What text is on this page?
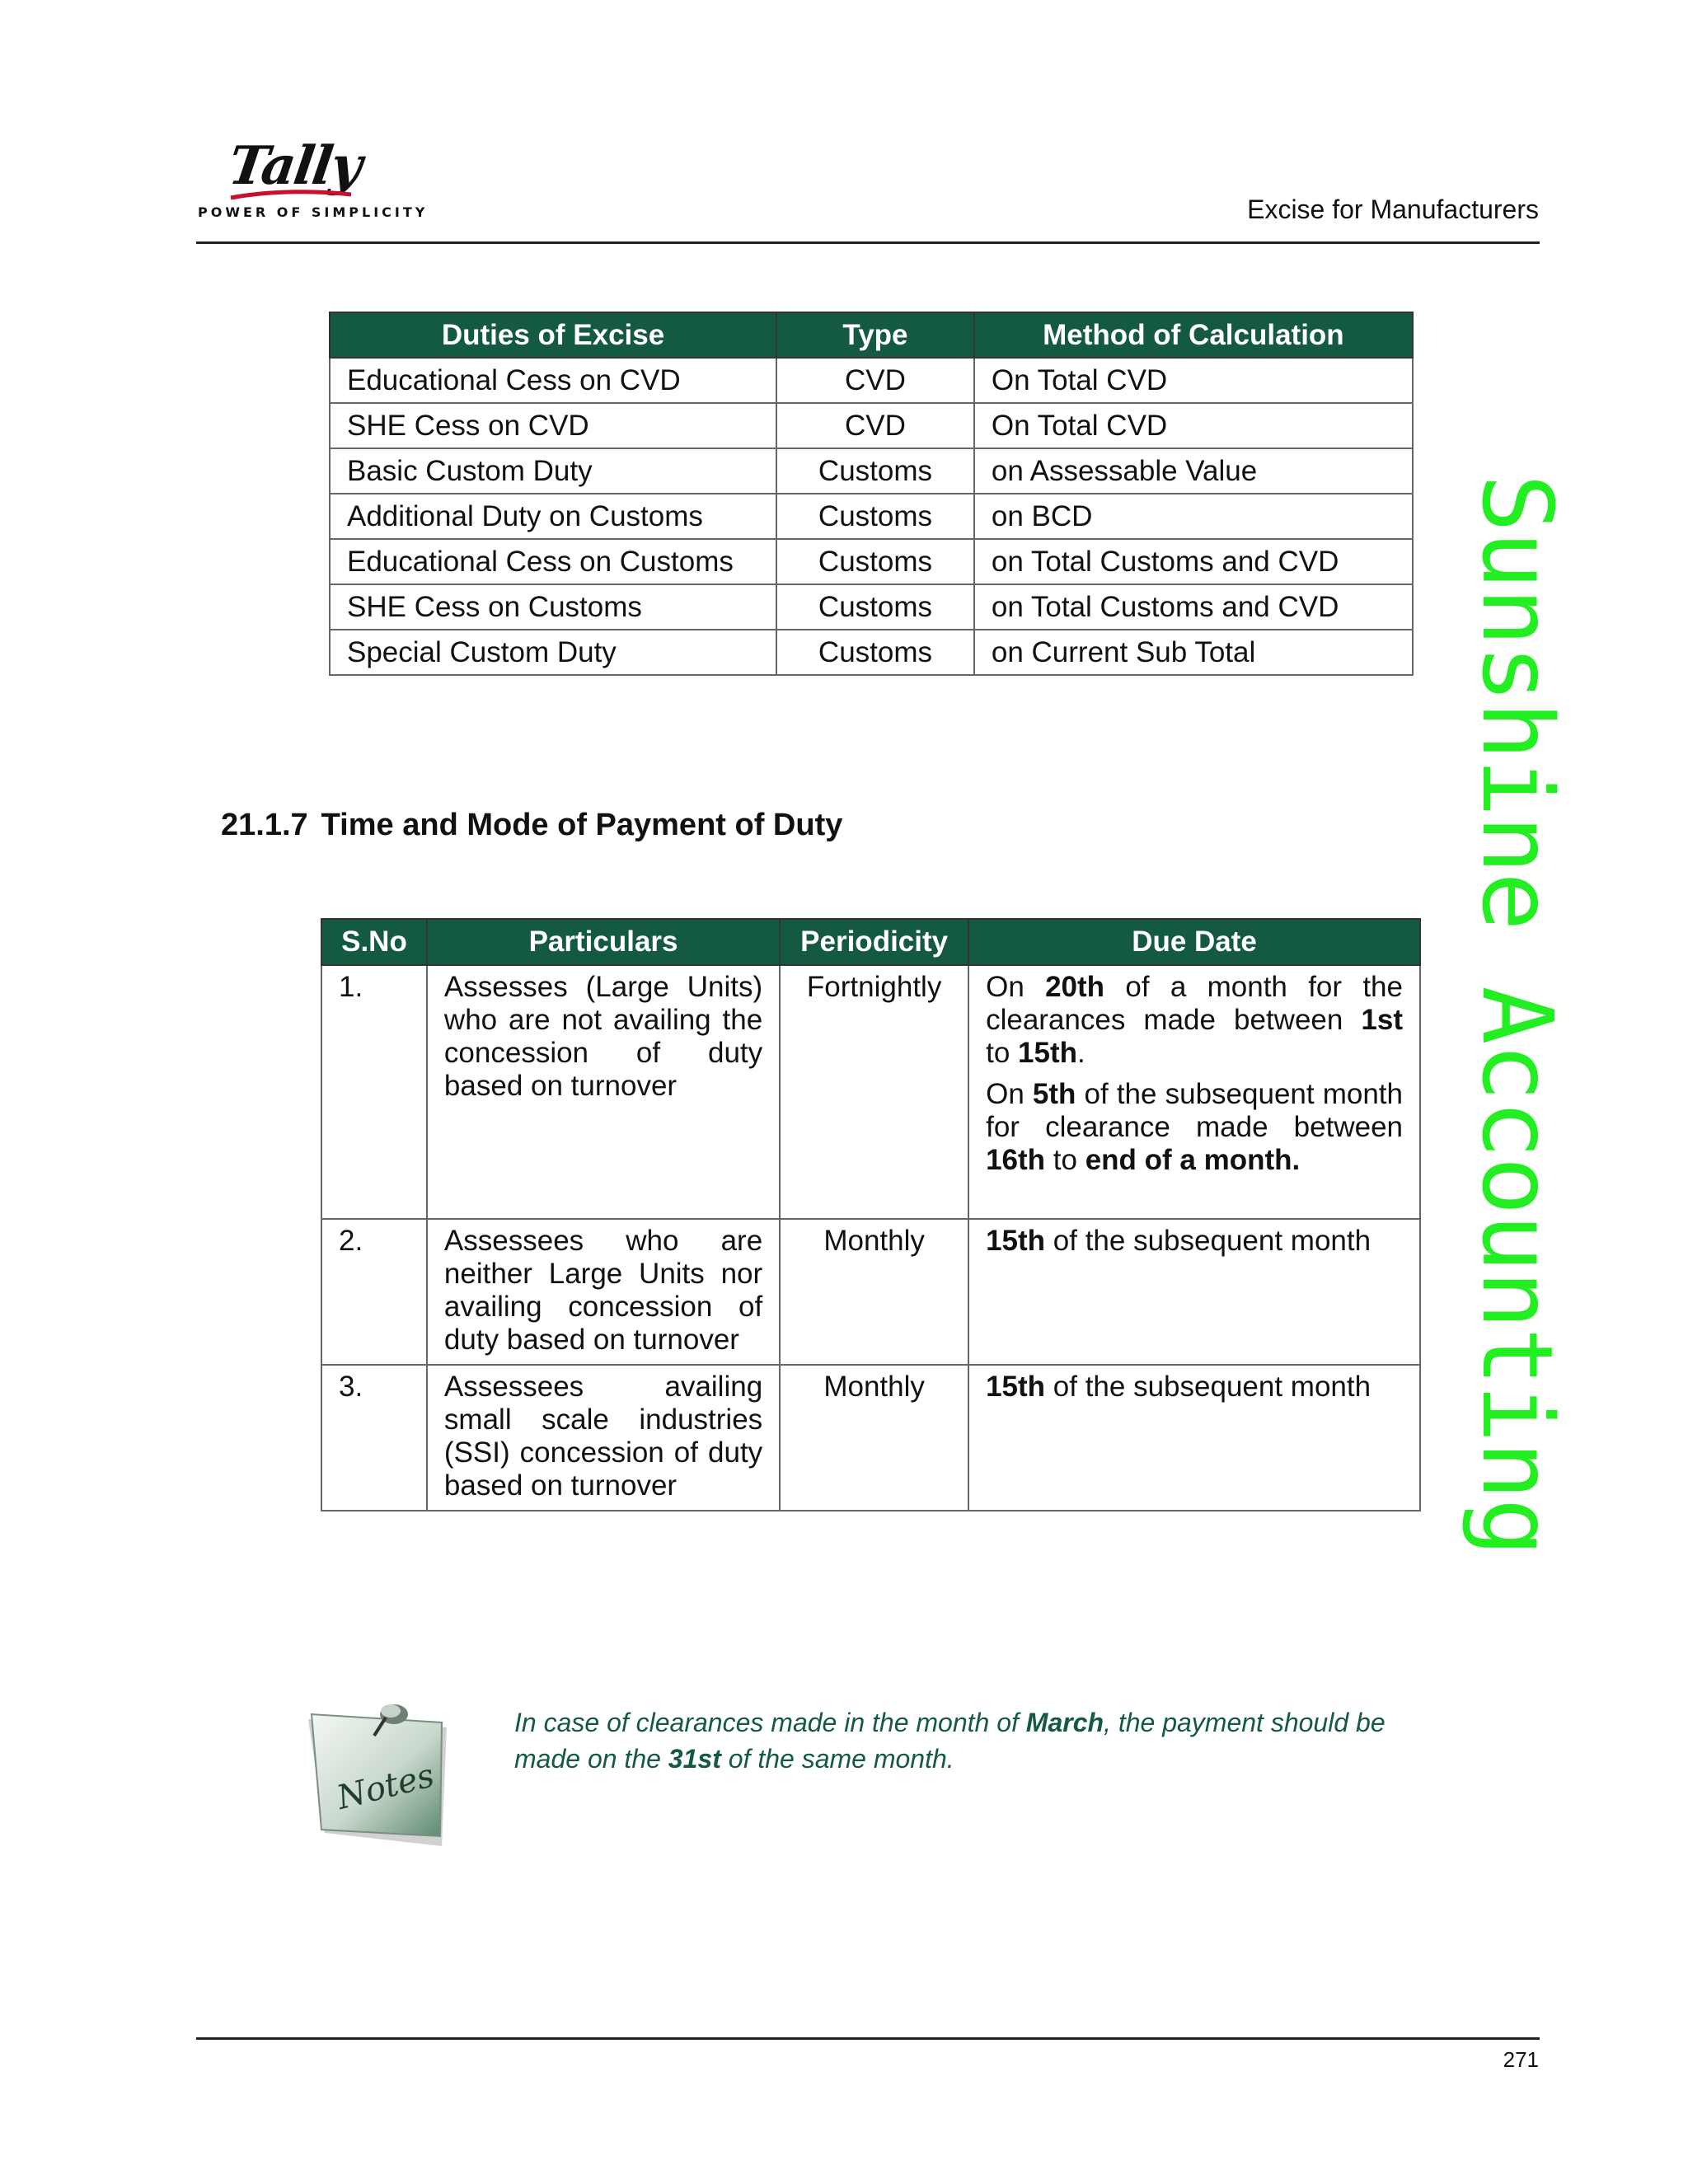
Tally
POWER OF SIMPLICITY	Excise for Manufacturers
Sunshine Accounting
Duties of Excise	Type	Method of Calculation
Educational Cess on CVD	CVD	On Total CVD
SHE Cess on CVD	CVD	On Total CVD
Basic Custom Duty	Customs	on Assessable Value
Additional Duty on Customs	Customs	on BCD
Educational Cess on Customs	Customs	on Total Customs and CVD
SHE Cess on Customs	Customs	on Total Customs and CVD
Special Custom Duty	Customs	on Current Sub Total
21.1.7 Time and Mode of Payment of Duty
S.No	Particulars	Periodicity	Due Date
1.	Assesses (Large Units) who are not availing the concession of duty based on turnover	Fortnightly	On 20th of a month for the clearances made between 1st to 15th.

On 5th of the subsequent month for clearance made between 16th to end of a month.

2.	Assessees who are neither Large Units nor availing concession of duty based on turnover	Monthly	15th of the subsequent month
3.	Assessees availing small scale industries (SSI) concession of duty based on turnover	Monthly	15th of the subsequent month
Notes
In case of clearances made in the month of March, the payment should be made on the 31st of the same month.
271
